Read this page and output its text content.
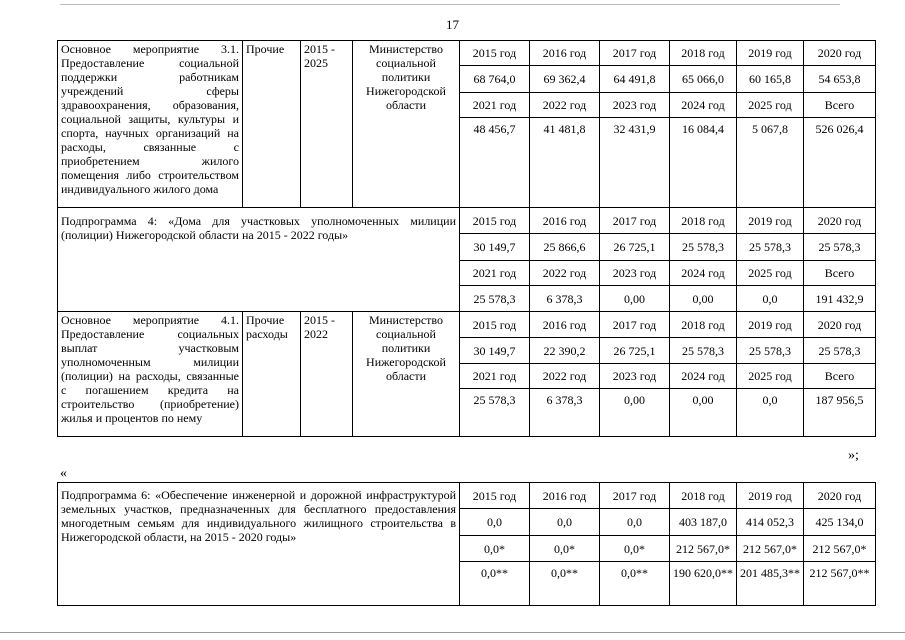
17
Основное мероприятие 3.1. Предоставление социальной поддержки работникам учреждений сферы здравоохранения, образования, социальной защиты, культуры и спорта, научных организаций на расходы, связанные с приобретением жилого помещения либо строительством индивидуального жилого дома	Прочие	2015 - 2025	Министерство социальной политики Нижегородской области	2015 год	2016 год	2017 год	2018 год	2019 год	2020 год
				68 764,0	69 362,4	64 491,8	65 066,0	60 165,8	54 653,8
				2021 год	2022 год	2023 год	2024 год	2025 год	Всего
				48 456,7	41 481,8	32 431,9	16 084,4	5 067,8	526 026,4
Подпрограмма 4: «Дома для участковых уполномоченных милиции (полиции) Нижегородской области на 2015 - 2022 годы»				2015 год	2016 год	2017 год	2018 год	2019 год	2020 год
				30 149,7	25 866,6	26 725,1	25 578,3	25 578,3	25 578,3
				2021 год	2022 год	2023 год	2024 год	2025 год	Всего
				25 578,3	6 378,3	0,00	0,00	0,0	191 432,9
Основное мероприятие 4.1. Предоставление социальных выплат участковым уполномоченным милиции (полиции) на расходы, связанные с погашением кредита на строительство (приобретение) жилья и процентов по нему	Прочие расходы	2015 - 2022	Министерство социальной политики Нижегородской области	2015 год	2016 год	2017 год	2018 год	2019 год	2020 год
				30 149,7	22 390,2	26 725,1	25 578,3	25 578,3	25 578,3
				2021 год	2022 год	2023 год	2024 год	2025 год	Всего
				25 578,3	6 378,3	0,00	0,00	0,0	187 956,5
»;
«
Подпрограмма 6: «Обеспечение инженерной и дорожной инфраструктурой земельных участков, предназначенных для бесплатного предоставления многодетным семьям для индивидуального жилищного строительства в Нижегородской области, на 2015 - 2020 годы»	2015 год	2016 год	2017 год	2018 год	2019 год	2020 год
	0,0	0,0	0,0	403 187,0	414 052,3	425 134,0
	0,0*	0,0*	0,0*	212 567,0*	212 567,0*	212 567,0*
	0,0**	0,0**	0,0**	190 620,0**	201 485,3**	212 567,0**
